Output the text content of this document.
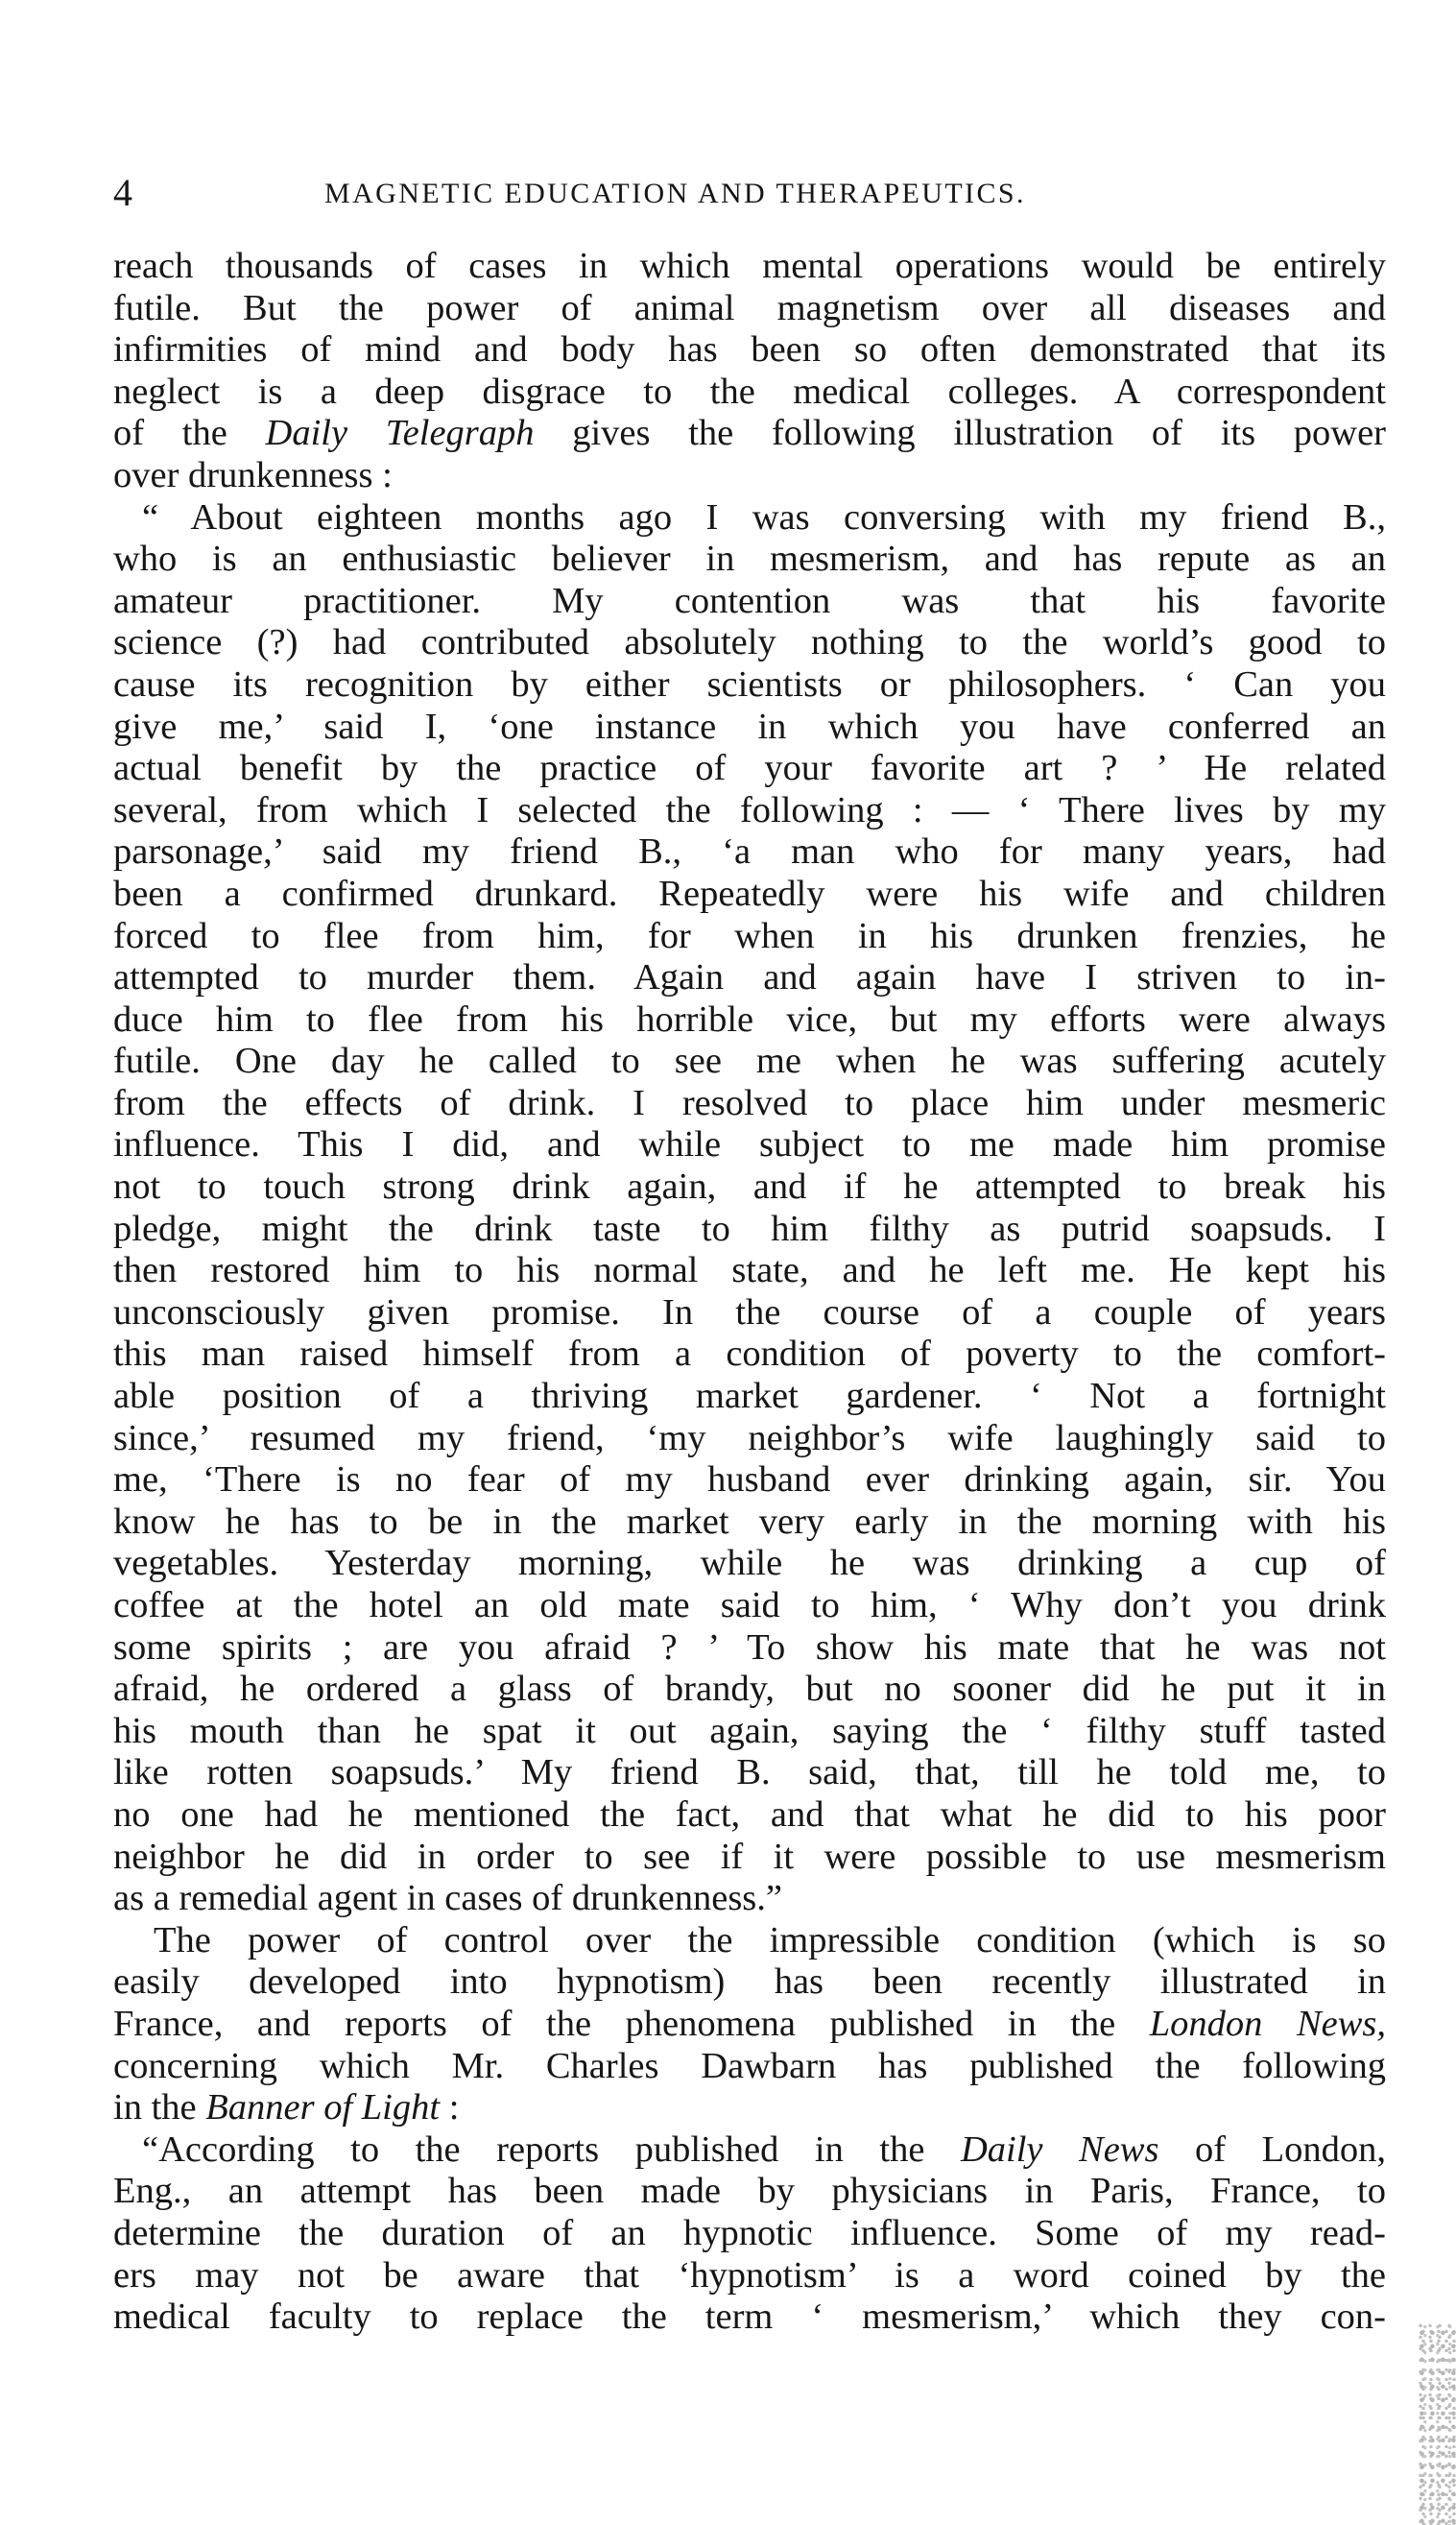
4	MAGNETIC EDUCATION AND THERAPEUTICS.

reach thousands of cases in which mental operations would be entirely
futile. But the power of animal magnetism over all diseases and
infirmities of mind and body has been so often demonstrated that its
neglect is a deep disgrace to the medical colleges. A correspondent
of the Daily Telegraph gives the following illustration of its power
over drunkenness :

“ About eighteen months ago I was conversing with my friend B.,
who is an enthusiastic believer in mesmerism, and has repute as an
amateur practitioner. My contention was that his favorite
science (?) had contributed absolutely nothing to the world’s good to
cause its recognition by either scientists or philosophers. ‘ Can you
give me,’ said I, ‘one instance in which you have conferred an
actual benefit by the practice of your favorite art ? ’ He related
several, from which I selected the following : — ‘ There lives by my
parsonage,’ said my friend B., ‘a man who for many years, had
been a confirmed drunkard. Repeatedly were his wife and children
forced to flee from him, for when in his drunken frenzies, he
attempted to murder them. Again and again have I striven to in-
duce him to flee from his horrible vice, but my efforts were always
futile. One day he called to see me when he was suffering acutely
from the effects of drink. I resolved to place him under mesmeric
influence. This I did, and while subject to me made him promise
not to touch strong drink again, and if he attempted to break his
pledge, might the drink taste to him filthy as putrid soapsuds. I
then restored him to his normal state, and he left me. He kept his
unconsciously given promise. In the course of a couple of years
this man raised himself from a condition of poverty to the comfort-
able position of a thriving market gardener. ‘ Not a fortnight
since,’ resumed my friend, ‘my neighbor’s wife laughingly said to
me, ‘There is no fear of my husband ever drinking again, sir. You
know he has to be in the market very early in the morning with his
vegetables. Yesterday morning, while he was drinking a cup of
coffee at the hotel an old mate said to him, ‘ Why don’t you drink
some spirits ; are you afraid ? ’ To show his mate that he was not
afraid, he ordered a glass of brandy, but no sooner did he put it in
his mouth than he spat it out again, saying the ‘ filthy stuff tasted
like rotten soapsuds.’ My friend B. said, that, till he told me, to
no one had he mentioned the fact, and that what he did to his poor
neighbor he did in order to see if it were possible to use mesmerism
as a remedial agent in cases of drunkenness.”

The power of control over the impressible condition (which is so
easily developed into hypnotism) has been recently illustrated in
France, and reports of the phenomena published in the London News,
concerning which Mr. Charles Dawbarn has published the following
in the Banner of Light :

“According to the reports published in the Daily News of London,
Eng., an attempt has been made by physicians in Paris, France, to
determine the duration of an hypnotic influence. Some of my read-
ers may not be aware that ‘hypnotism’ is a word coined by the
medical faculty to replace the term ‘ mesmerism,’ which they con-
